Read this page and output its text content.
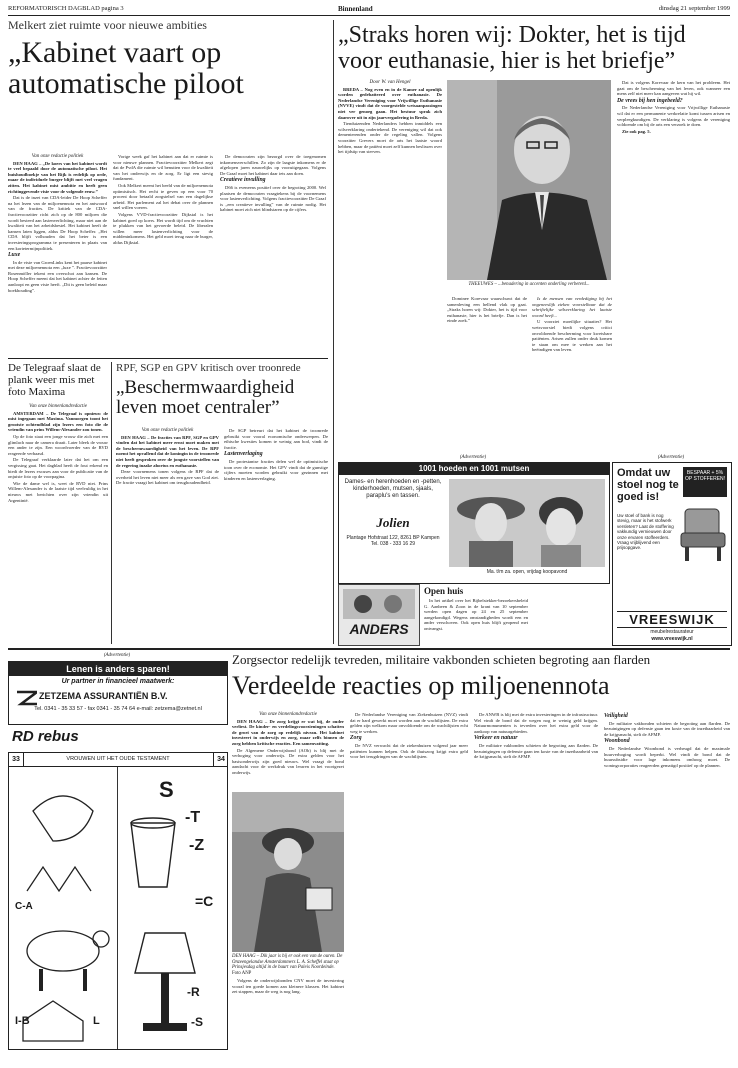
REFORMATORISCH DAGBLAD pagina 3	Binnenland	dinsdag 21 september 1999
Melkert ziet ruimte voor nieuwe ambities
„Kabinet vaart op automatische piloot
Van onze redactie politiek

DEN HAAG – „De koers van het kabinet wordt te veel bepaald door de automatische piloot. Het huishoudboekje van het Rijk is redelijk op orde, maar de individuele burger blijft met veel vragen zitten. Het kabinet mist ambitie en heeft geen richtinggevende visie voor de volgende eeuw.”

Dat is de inzet van CDA-leider De Hoop Scheffer na het lezen van de miljoenennota en het antwoord van de fracties. De kritiek van de CDA-fractievoorzitter richt zich op de 800 miljoen die wordt besteed aan lastenverlichting, maar niet aan de kwaliteit van het arbeidsbestel. Het kabinet heeft de kansen laten liggen, aldus De Hoop Scheffer. „Het CDA blijft volhouden dat het beter is een investeringsprogramma te presenteren in plaats van een kortetermijnpolitiek.

Luxe

In de visie van GroenLinks kent het paarse kabinet met deze miljoenennota een „luxe ”. Fractievoorzitter Rosenmöller tekent een overschot aan kansen. De Hoop Scheffer meent dat het kabinet achter de feiten aanloopt en geen visie heeft. „Dit is geen beleid maar boekhouding”.

Vorige week gaf het kabinet aan dat er ruimte is voor nieuwe plannen. Fractievoorzitter Melkert zegt dat de PvdA die ruimte wil benutten voor de kwaliteit van het onderwijs en de zorg. Er ligt een stevig fundament.

Ook Melkert meent het beeld van de miljoenennota optimistisch. Het recht te geven op een voor 70 procent door betaald zorgstelsel van een dagelijkse arbeid. Het parlement zal het debat over de plannen snel willen voeren.

Volgens VVD-fractievoorzitter Dijkstal is het kabinet goed op koers. Het wordt tijd om de vruchten te plukken van het gevoerde beleid. De liberalen willen meer lastenverlichting voor de middeninkomens. Het geld moet terug naar de burger, aldus Dijkstal.

De democraten zijn bezorgd over de toegenomen inkomensverschillen. Zo zijn de laagste inkomens er de afgelopen jaren nauwelijks op vooruitgegaan. Volgens De Graaf moet het kabinet daar iets aan doen.

Creatieve invulling

D66 is eveneens positief over de begroting 2000. Wel plaatsen de democraten vraagtekens bij de voornemens voor lastenverlichting. Volgens fractievoorzitter De Graaf is „een creatieve invulling” van de ruimte nodig. Het kabinet moet zich niet blindstaren op de cijfers.

De Telegraaf slaat de plank weer mis met foto Maxima
Van onze binnenlandredactie

AMSTERDAM – De Telegraaf is opnieuw de mist ingegaan met Maxima. Vanmorgen toont het grootste ochtendblad zijn lezers een foto die de vriendin van prins Willem-Alexander zou tonen.

Op de foto staat een jonge vrouw die zich met een glimlach naar de camera draait. Later bleek de vrouw een ander te zijn. Een woordvoerder van de RVD reageerde verbaasd.

De Telegraaf verklaarde later dat het om een vergissing gaat. Het dagblad heeft de fout erkend en biedt de lezers excuses aan voor de publicatie van de onjuiste foto op de voorpagina.

Wie de dame wel is, weet de RVD niet. Prins Willem-Alexander is de laatste tijd veelvuldig in het nieuws met berichten over zijn vriendin uit Argentinië.

RPF, SGP en GPV kritisch over troonrede
„Beschermwaardigheid leven moet centraler”
Van onze redactie politiek

DEN HAAG – De fracties van RPF, SGP en GPV vinden dat het kabinet meer ernst moet maken met de beschermwaardigheid van het leven. De RPF noemt het opvallend dat de koningin in de troonrede niet heeft gesproken over de jongste voorstellen van de regering inzake abortus en euthanasie.

Deze voornemens tonen volgens de RPF dat de overheid het leven niet meer als een gave van God ziet. De fractie vraagt het kabinet om terughoudendheid.

De SGP betreurt dat het kabinet de troonrede gebruikt voor vooral economische onderwerpen. De ethische kwesties komen te weinig aan bod, vindt de fractie.

Lastenverlaging

De protestantse fracties delen wel de optimistische toon over de economie. Het GPV vindt dat de gunstige cijfers moeten worden gebruikt voor gezinnen met kinderen en lastenverlaging.

„Straks horen wij: Dokter, het is tijd voor euthanasie, hier is het briefje”
Door W. van Hengel

BREDA – Nog even en in de Kamer zal openlijk worden gedebatteerd over euthanasie. De Nederlandse Vereniging voor Vrijwillige Euthanasie (NVVE) vindt dat de voorgestelde wetsaanpassingen niet ver genoeg gaan. Het bestuur sprak zich daarover uit in zijn jaarvergadering in Breda.

Tienduizenden Nederlanders hebben inmiddels een wilsverklaring ondertekend. De vereniging wil dat ook dementerenden onder de regeling vallen. Volgens voorzitter Grevers moet de arts het laatste woord hebben, maar de patiënt moet zelf kunnen beslissen over het tijdstip van sterven.

THEEUWES – ...benadering in accenten onderling verbeterd...

Dominee Korevaar waarschuwt dat de samenleving een hellend vlak op gaat. „Straks horen wij: Dokter, het is tijd voor euthanasie, hier is het briefje. Dan is het einde zoek.”

Is de mensen van verdediging bij het ongeneeslijk zieken voorstelbaar dat de schriftelijke wilsverklaring het laatste woord heeft...

U voorziet moeilijke situaties? Het wetsvoorstel biedt volgens critici onvoldoende bescherming voor kwetsbare patiënten. Artsen zullen onder druk komen te staan om mee te werken aan het beëindigen van leven.

Dat is volgens Korevaar de kern van het probleem. Het gaat om de bescherming van het leven, ook wanneer een mens zelf niet meer kan aangeven wat hij wil.

De vrees bij hen ingebeeld?

De Nederlandse Vereniging voor Vrijwillige Euthanasie wil dat er een permanente werkrelatie komt tussen artsen en verpleegkundigen. De verklaring is volgens de vereniging voldoende om bij de arts een verzoek te doen.

Zie ook pag. 5.

(Advertentie)
1001 hoeden en 1001 mutsen
Dames- en herenhoeden en -petten, kinderhoeden, mutsen, sjaals, paraplu's en tassen.
Jolien
Plantage Hofstraat 122, 8261 BP Kampen Tel. 038 - 333 16 29
Ma. t/m za. open, vrijdag koopavond
ANDERS
Open huis

In het artikel over het Bijbelstekker-bezoekersbeleid G. Aanbeen & Zoon in de krant van 10 september werden open dagen op 24 en 25 september aangekondigd. Wegens omstandigheden wordt een en ander verschoven. Ook open huis blijft geopend met ontvangst.

(Advertentie)
Omdat uw stoel nog te goed is!
BESPAAR + 5% OP STOFFEREN!
Uw stoel of bank is nog stevig, maar is het stofwerk versleten? Laat de stoffering vakkundig vernieuwen door onze ervaren stoffeerders. Vraag vrijblijvend een prijsopgave.
VREESWIJK
meubelrestaurateur
www.vreeswijk.nl
Zorgsector redelijk tevreden, militaire vakbonden schieten begroting aan flarden
Verdeelde reacties op miljoenennota
Van onze binnenlandredactie

DEN HAAG – De zorg krijgt er wat bij, de ouder verliest. De kinder- en verdelingsvoorzieningen schatten de groei van de zorg op redelijk niveau. Het kabinet investeert in onderwijs en zorg, maar zelfs binnen de zorg hebben kritische reacties. Een samenvatting.

De Algemene Onderwijsbond (AOb) is blij met de verhoging voor onderwijs. De extra gelden voor het basisonderwijs zijn goed nieuws. Wel vraagt de bond aandacht voor de werkdruk van leraren in het voortgezet onderwijs.

DEN HAAG – Dik jaar is bij er ook een van de ouren. De Onzeengelandse Amsterdammers L. A. Scheffel staat op Prinsjesdag altijd in de buurt van Paleis Noordeinde. Foto ANP

Volgens de onderwijsbonden CNV moet de investering vooral ten goede komen aan kleinere klassen. Het kabinet zet stappen, maar de weg is nog lang.

De Nederlandse Vereniging van Ziekenhuizen (NVZ) vindt dat er hard gewerkt moet worden aan de wachtlijsten. De extra gelden zijn welkom maar onvoldoende om de wachtlijsten echt weg te werken.

Zorg

De NVZ verwacht dat de ziekenhuizen volgend jaar meer patiënten kunnen helpen. Ook de thuiszorg krijgt extra geld voor het terugdringen van de wachtlijsten.

De ANWB is blij met de extra investeringen in de infrastructuur. Wel vindt de bond dat de wegen nog te weinig geld krijgen. Natuurmonumenten is tevreden over het extra geld voor de aankoop van natuurgebieden.

Verkeer en natuur

De militaire vakbonden schieten de begroting aan flarden. De bezuinigingen op defensie gaan ten koste van de inzetbaarheid van de krijgsmacht, stelt de AFMP.

Veiligheid

De militaire vakbonden schieten de begroting aan flarden. De bezuinigingen op defensie gaan ten koste van de inzetbaarheid van de krijgsmacht, stelt de AFMP.

Woonbond

De Nederlandse Woonbond is verheugd dat de maximale huurverhoging wordt beperkt. Wel vindt de bond dat de huursubsidie voor lage inkomens omhoog moet. De woningcorporaties reageerden gematigd positief op de plannen.

(Advertentie)
Lenen is anders sparen!
Ur partner in financieel maatwerk:
ZETZEMA ASSURANTIËN B.V.
Tel. 0341 - 35 33 57 - fax 0341 - 35 74 64 e-mail: zetzema@zetnet.nl
RD rebus
33	VROUWEN UIT HET OUDE TESTAMENT	34
C-A
I-B	L
S
-T
-Z
=C
-R
-S
